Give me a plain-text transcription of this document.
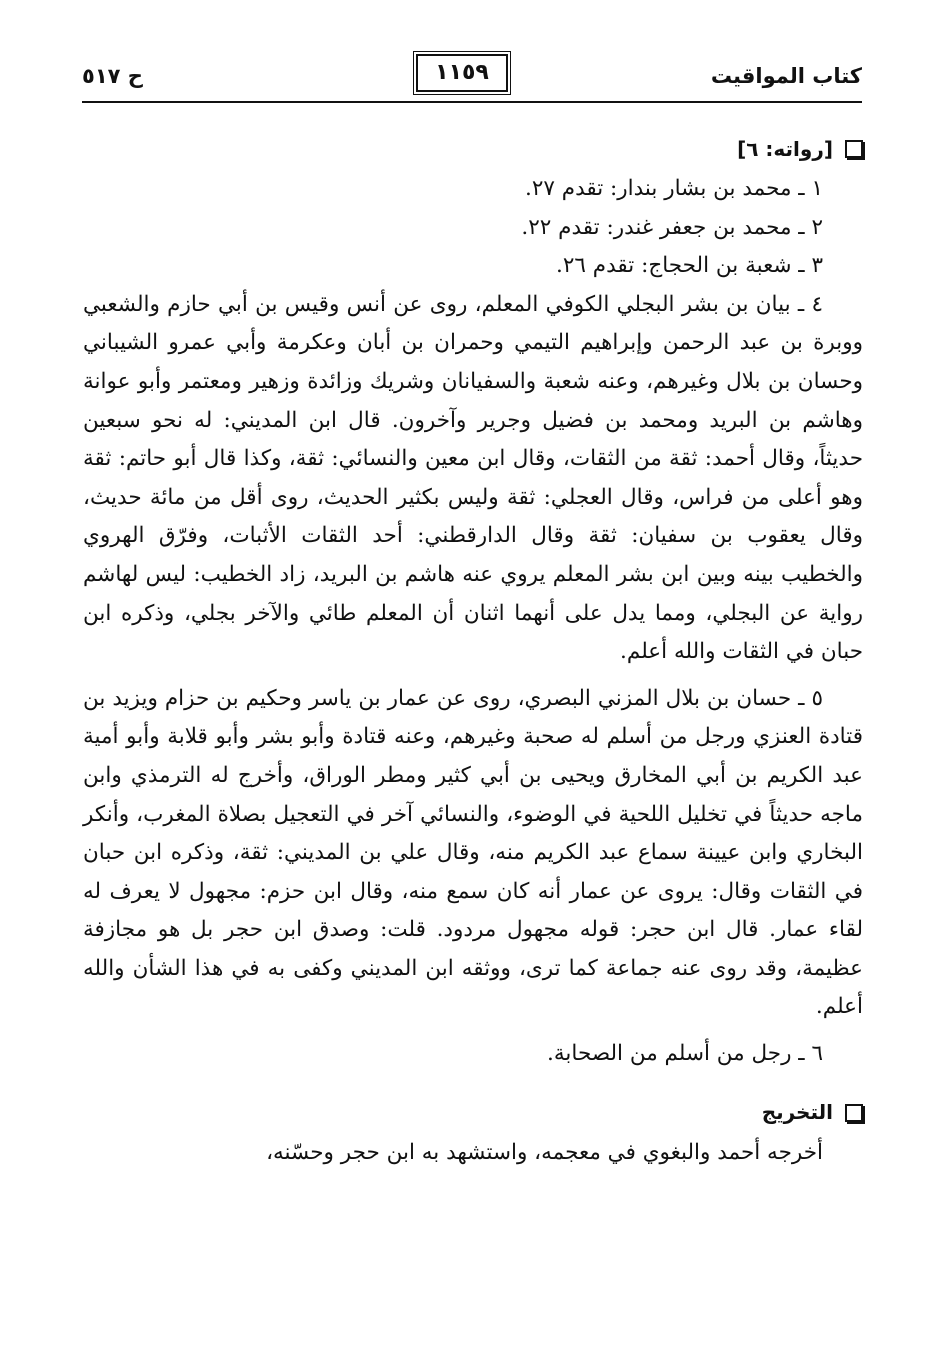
كتاب المواقيت
١١٥٩
ح ٥١٧
[رواته: ٦]
١ ـ محمد بن بشار بندار: تقدم ٢٧.
٢ ـ محمد بن جعفر غندر: تقدم ٢٢.
٣ ـ شعبة بن الحجاج: تقدم ٢٦.

٤ ـ بيان بن بشر البجلي الكوفي المعلم، روى عن أنس وقيس بن أبي حازم والشعبي ووبرة بن عبد الرحمن وإبراهيم التيمي وحمران بن أبان وعكرمة وأبي عمرو الشيباني وحسان بن بلال وغيرهم، وعنه شعبة والسفيانان وشريك وزائدة وزهير ومعتمر وأبو عوانة وهاشم بن البريد ومحمد بن فضيل وجرير وآخرون. قال ابن المديني: له نحو سبعين حديثاً، وقال أحمد: ثقة من الثقات، وقال ابن معين والنسائي: ثقة، وكذا قال أبو حاتم: ثقة وهو أعلى من فراس، وقال العجلي: ثقة وليس بكثير الحديث، روى أقل من مائة حديث، وقال يعقوب بن سفيان: ثقة وقال الدارقطني: أحد الثقات الأثبات، وفرّق الهروي والخطيب بينه وبين ابن بشر المعلم يروي عنه هاشم بن البريد، زاد الخطيب: ليس لهاشم رواية عن البجلي، ومما يدل على أنهما اثنان أن المعلم طائي والآخر بجلي، وذكره ابن حبان في الثقات والله أعلم.

٥ ـ حسان بن بلال المزني البصري، روى عن عمار بن ياسر وحكيم بن حزام ويزيد بن قتادة العنزي ورجل من أسلم له صحبة وغيرهم، وعنه قتادة وأبو بشر وأبو قلابة وأبو أمية عبد الكريم بن أبي المخارق ويحيى بن أبي كثير ومطر الوراق، وأخرج له الترمذي وابن ماجه حديثاً في تخليل اللحية في الوضوء، والنسائي آخر في التعجيل بصلاة المغرب، وأنكر البخاري وابن عيينة سماع عبد الكريم منه، وقال علي بن المديني: ثقة، وذكره ابن حبان في الثقات وقال: يروى عن عمار أنه كان سمع منه، وقال ابن حزم: مجهول لا يعرف له لقاء عمار. قال ابن حجر: قوله مجهول مردود. قلت: وصدق ابن حجر بل هو مجازفة عظيمة، وقد روى عنه جماعة كما ترى، ووثقه ابن المديني وكفى به في هذا الشأن والله أعلم.

٦ ـ رجل من أسلم من الصحابة.
التخريج

أخرجه أحمد والبغوي في معجمه، واستشهد به ابن حجر وحسّنه،
